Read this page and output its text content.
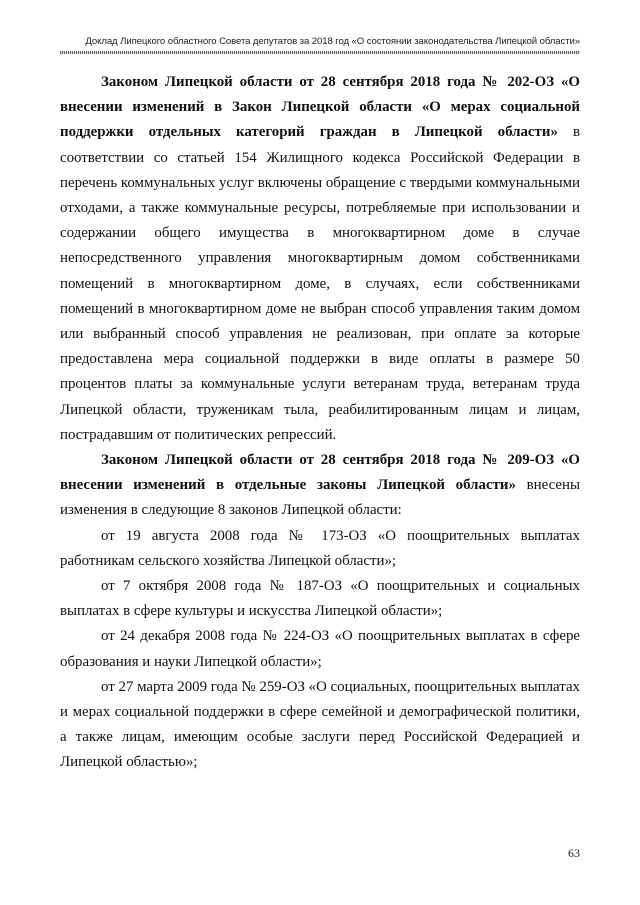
Доклад Липецкого областного Совета депутатов за 2018 год «О состоянии законодательства Липецкой области»

Законом Липецкой области от 28 сентября 2018 года № 202-ОЗ «О внесении изменений в Закон Липецкой области «О мерах социальной поддержки отдельных категорий граждан в Липецкой области» в соответствии со статьей 154 Жилищного кодекса Российской Федерации в перечень коммунальных услуг включены обращение с твердыми коммунальными отходами, а также коммунальные ресурсы, потребляемые при использовании и содержании общего имущества в многоквартирном доме в случае непосредственного управления многоквартирным домом собственниками помещений в многоквартирном доме, в случаях, если собственниками помещений в многоквартирном доме не выбран способ управления таким домом или выбранный способ управления не реализован, при оплате за которые предоставлена мера социальной поддержки в виде оплаты в размере 50 процентов платы за коммунальные услуги ветеранам труда, ветеранам труда Липецкой области, труженикам тыла, реабилитированным лицам и лицам, пострадавшим от политических репрессий.

Законом Липецкой области от 28 сентября 2018 года № 209-ОЗ «О внесении изменений в отдельные законы Липецкой области» внесены изменения в следующие 8 законов Липецкой области:

от 19 августа 2008 года № 173-ОЗ «О поощрительных выплатах работникам сельского хозяйства Липецкой области»;

от 7 октября 2008 года № 187-ОЗ «О поощрительных и социальных выплатах в сфере культуры и искусства Липецкой области»;

от 24 декабря 2008 года № 224-ОЗ «О поощрительных выплатах в сфере образования и науки Липецкой области»;

от 27 марта 2009 года № 259-ОЗ «О социальных, поощрительных выплатах и мерах социальной поддержки в сфере семейной и демографической политики, а также лицам, имеющим особые заслуги перед Российской Федерацией и Липецкой областью»;

63
